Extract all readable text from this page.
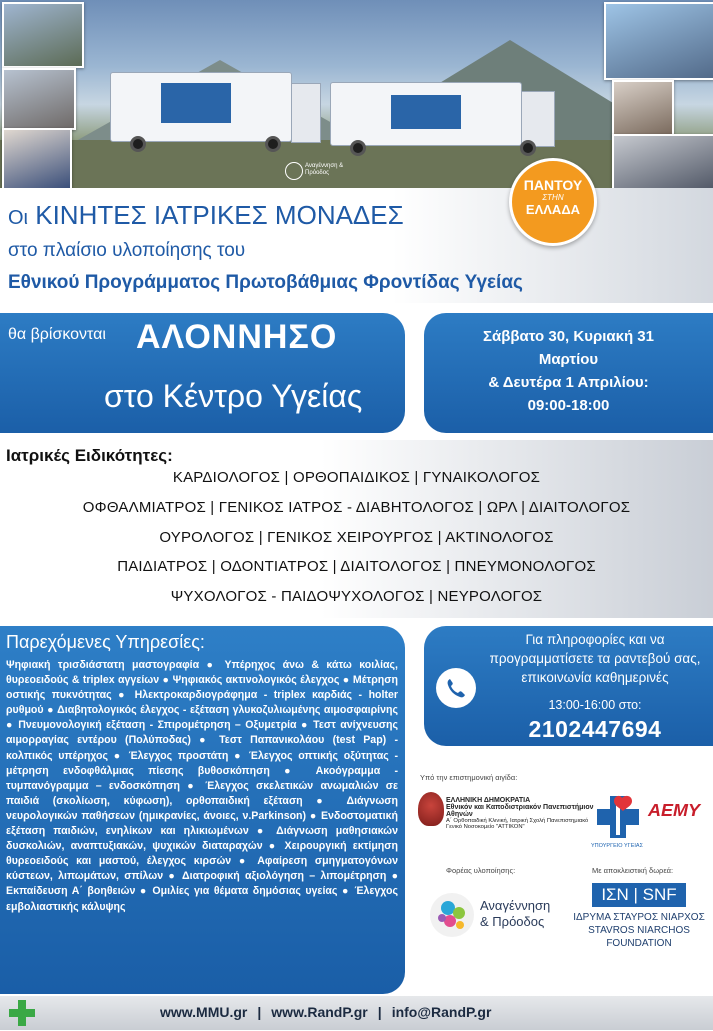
Αναγέννηση & Πρόοδος
Οι ΚΙΝΗΤΕΣ ΙΑΤΡΙΚΕΣ ΜΟΝΑΔΕΣ
στο πλαίσιο υλοποίησης του
Εθνικού Προγράμματος Πρωτοβάθμιας Φροντίδας Υγείας
ΠΑΝΤΟΥ
ΣΤΗΝ
ΕΛΛΑΔΑ
θα βρίσκονται ΑΛΟΝΝΗΣΟ
στο Κέντρο Υγείας
Σάββατο 30, Κυριακή 31
Μαρτίου
& Δευτέρα 1 Απριλίου:
09:00-18:00
Ιατρικές Ειδικότητες:
ΚΑΡΔΙΟΛΟΓΟΣ | ΟΡΘΟΠΑΙΔΙΚΟΣ | ΓΥΝΑΙΚΟΛΟΓΟΣ
ΟΦΘΑΛΜΙΑΤΡΟΣ | ΓΕΝΙΚΟΣ ΙΑΤΡΟΣ - ΔΙΑΒΗΤΟΛΟΓΟΣ | ΩΡΛ | ΔΙΑΙΤΟΛΟΓΟΣ
ΟΥΡΟΛΟΓΟΣ | ΓΕΝΙΚΟΣ ΧΕΙΡΟΥΡΓΟΣ | ΑΚΤΙΝΟΛΟΓΟΣ
ΠΑΙΔΙΑΤΡΟΣ | ΟΔΟΝΤΙΑΤΡΟΣ | ΔΙΑΙΤΟΛΟΓΟΣ | ΠΝΕΥΜΟΝΟΛΟΓΟΣ
ΨΥΧΟΛΟΓΟΣ - ΠΑΙΔΟΨΥΧΟΛΟΓΟΣ | ΝΕΥΡΟΛΟΓΟΣ
Παρεχόμενες Υπηρεσίες:
Ψηφιακή τρισδιάστατη μαστογραφία ● Υπέρηχος άνω & κάτω κοιλίας, θυρεοειδούς & triplex αγγείων ● Ψηφιακός ακτινολογικός έλεγχος ● Μέτρηση οστικής πυκνότητας ● Ηλεκτροκαρδιογράφημα - triplex καρδιάς - holter ρυθμού ● Διαβητολογικός έλεγχος - εξέταση γλυκοζυλιωμένης αιμοσφαιρίνης ● Πνευμονολογική εξέταση - Σπιρομέτρηση – Οξυμετρία ● Τεστ ανίχνευσης αιμορραγίας εντέρου (Πολύποδας) ● Τεστ Παπανικολάου (test Pap) - κολπικός υπέρηχος ● Έλεγχος προστάτη ● Έλεγχος οπτικής οξύτητας - μέτρηση ενδοφθάλμιας πίεσης βυθοσκόπηση ● Ακοόγραμμα - τυμπανόγραμμα – ενδοσκόπηση ● Έλεγχος σκελετικών ανωμαλιών σε παιδιά (σκολίωση, κύφωση), ορθοπαιδική εξέταση ● Διάγνωση νευρολογικών παθήσεων (ημικρανίες, άνοιες, ν.Parkinson) ● Ενδοστοματική εξέταση παιδιών, ενηλίκων και ηλικιωμένων ● Διάγνωση μαθησιακών δυσκολιών, αναπτυξιακών, ψυχικών διαταραχών ● Χειρουργική εκτίμηση θυρεοειδούς και μαστού, έλεγχος κιρσών ● Αφαίρεση σμηγματογόνων κύστεων, λιπωμάτων, σπίλων ● Διατροφική αξιολόγηση – λιπομέτρηση ● Εκπαίδευση Α΄ βοηθειών ● Ομιλίες για θέματα δημόσιας υγείας ● Έλεγχος εμβολιαστικής κάλυψης
Για πληροφορίες και να προγραμματίσετε τα ραντεβού σας, επικοινωνία καθημερινές
13:00-16:00 στο:
2102447694
Υπό την επιστημονική αιγίδα:
ΕΛΛΗΝΙΚΗ ΔΗΜΟΚΡΑΤΙΑ
Εθνικόν και Καποδιστριακόν Πανεπιστήμιον Αθηνών
Α΄ Ορθοπαιδική Κλινική, Ιατρική Σχολή Πανεπιστημιακό Γενικό Νοσοκομείο "ΑΤΤΙΚΟΝ"
ΥΠΟΥΡΓΕΙΟ ΥΓΕΙΑΣ
ΑΕΜΥ
Φορέας υλοποίησης:
Αναγέννηση
& Πρόοδος
Με αποκλειστική δωρεά:
ΙΣΝ | SNF
ΙΔΡΥΜΑ ΣΤΑΥΡΟΣ ΝΙΑΡΧΟΣ
STAVROS NIARCHOS
FOUNDATION
www.MMU.gr | www.RandP.gr | info@RandP.gr
